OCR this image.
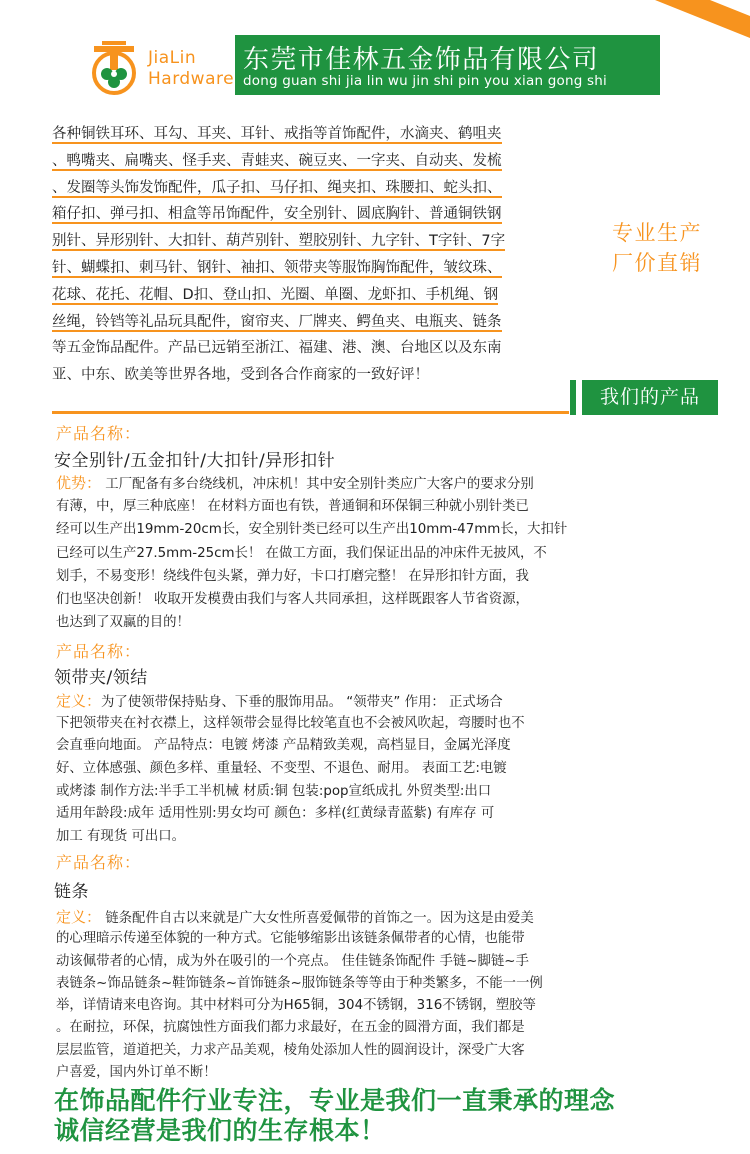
JiaLin
Hardware
东莞市佳林五金饰品有限公司
dong guan shi jia lin wu jin shi pin you xian gong shi
各种铜铁耳环、耳勾、耳夹、耳针、戒指等首饰配件，水滴夹、鹤咀夹
、鸭嘴夹、扁嘴夹、怪手夹、青蛙夹、碗豆夹、一字夹、自动夹、发梳
、发圈等头饰发饰配件，瓜子扣、马仔扣、绳夹扣、珠腰扣、蛇头扣、
箱仔扣、弹弓扣、相盒等吊饰配件，安全别针、圆底胸针、普通铜铁钢
别针、异形别针、大扣针、葫芦别针、塑胶别针、九字针、T字针、7字
针、蝴蝶扣、刺马针、钢针、袖扣、领带夹等服饰胸饰配件，皱纹珠、
花球、花托、花帽、D扣、登山扣、光圈、单圈、龙虾扣、手机绳、钢
丝绳，铃铛等礼品玩具配件，窗帘夹、厂牌夹、鳄鱼夹、电瓶夹、链条
等五金饰品配件。产品已远销至浙江、福建、港、澳、台地区以及东南
亚、中东、欧美等世界各地，受到各合作商家的一致好评！
专业生产
厂价直销
我们的产品
产品名称：
安全别针/五金扣针/大扣针/异形扣针
优势： 工厂配备有多台绕线机，冲床机！其中安全别针类应广大客户的要求分别
有薄，中，厚三种底座！ 在材料方面也有铁，普通铜和环保铜三种就小别针类已
经可以生产出19mm-20cm长，安全别针类已经可以生产出10mm-47mm长，大扣针
已经可以生产27.5mm-25cm长！ 在做工方面，我们保证出品的冲床件无披风，不
划手，不易变形！绕线件包头紧，弹力好，卡口打磨完整！ 在异形扣针方面，我
们也坚决创新！ 收取开发模费由我们与客人共同承担，这样既跟客人节省资源，
也达到了双赢的目的！
产品名称：
领带夹/领结
定义：为了使领带保持贴身、下垂的服饰用品。 “领带夹” 作用： 正式场合
下把领带夹在衬衣襟上，这样领带会显得比较笔直也不会被风吹起，弯腰时也不
会直垂向地面。 产品特点：电镀 烤漆 产品精致美观，高档显目，金属光泽度
好、立体感强、颜色多样、重量轻、不变型、不退色、耐用。 表面工艺:电镀
或烤漆 制作方法:半手工半机械 材质:铜 包装:pop宣纸成扎 外贸类型:出口
适用年龄段:成年 适用性别:男女均可 颜色：多样(红黄绿青蓝紫) 有库存 可
加工 有现货 可出口。
产品名称：
链条
定义： 链条配件自古以来就是广大女性所喜爱佩带的首饰之一。因为这是由爱美
的心理暗示传递至体貌的一种方式。它能够缩影出该链条佩带者的心情，也能带
动该佩带者的心情，成为外在吸引的一个亮点。 佳佳链条饰配件 手链~脚链~手
表链条~饰品链条~鞋饰链条~首饰链条~服饰链条等等由于种类繁多，不能一一例
举，详情请来电咨询。其中材料可分为H65铜，304不锈钢，316不锈钢，塑胶等
。在耐拉，环保，抗腐蚀性方面我们都力求最好，在五金的圆滑方面，我们都是
层层监管，道道把关，力求产品美观，棱角处添加人性的圆润设计，深受广大客
户喜爱，国内外订单不断！
在饰品配件行业专注，专业是我们一直秉承的理念
诚信经营是我们的生存根本！
